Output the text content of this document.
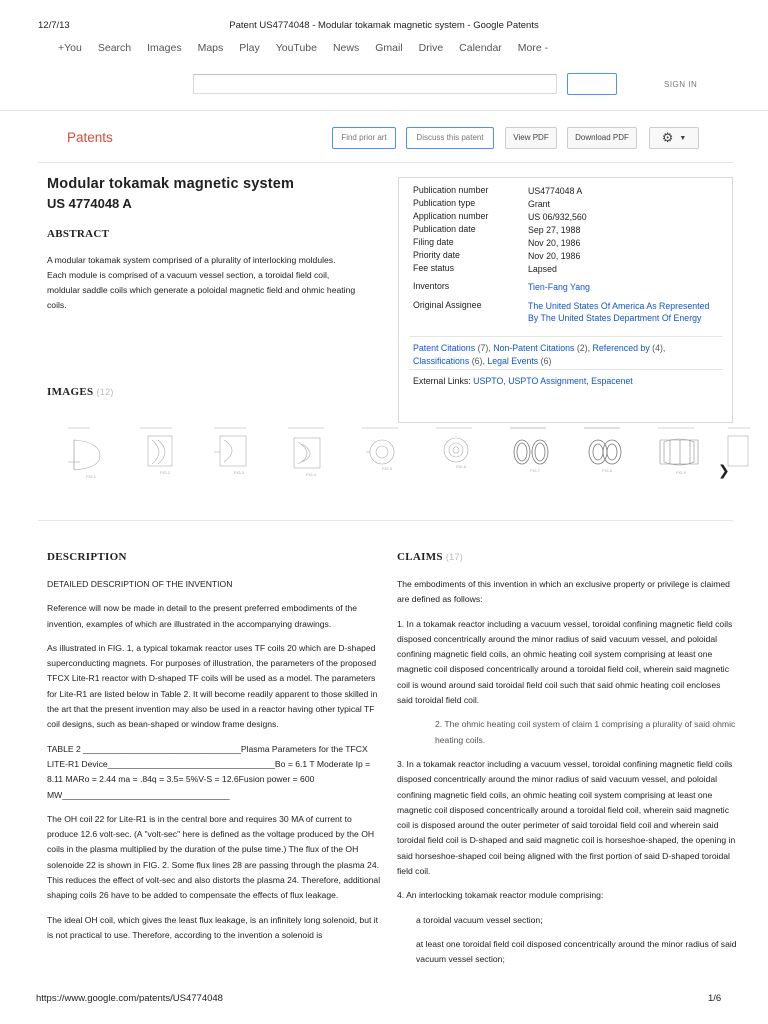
12/7/13	Patent US4774048 - Modular tokamak magnetic system - Google Patents
+You Search Images Maps Play YouTube News Gmail Drive Calendar More -
SIGN IN
Patents	Find prior art	Discuss this patent	View PDF	Download PDF	⚙ ▼
Modular tokamak magnetic system
US 4774048 A
ABSTRACT
A modular tokamak system comprised of a plurality of interlocking moldules. Each module is comprised of a vacuum vessel section, a toroidal field coil, moldular saddle coils which generate a poloidal magnetic field and ohmic heating coils.
Publication number	US4774048 A
Publication type	Grant
Application number	US 06/932,560
Publication date	Sep 27, 1988
Filing date	Nov 20, 1986
Priority date	Nov 20, 1986
Fee status	Lapsed
Inventors	Tien-Fang Yang
Original Assignee	The United States Of America As Represented By The United States Department Of Energy
Patent Citations (7), Non-Patent Citations (2), Referenced by (4),
Classifications (6), Legal Events (6)
External Links: USPTO, USPTO Assignment, Espacenet
IMAGES (12)
FIG.1
FIG.2	FIG.3	FIG.4
FIG.5	FIG.6
FIG.7	FIG.8	FIG.9 ❯
DESCRIPTION

DETAILED DESCRIPTION OF THE INVENTION

Reference will now be made in detail to the present preferred embodiments of the invention, examples of which are illustrated in the accompanying drawings.

As illustrated in FIG. 1, a typical tokamak reactor uses TF coils 20 which are D-shaped superconducting magnets. For purposes of illustration, the parameters of the proposed TFCX Lite-R1 reactor with D-shaped TF coils will be used as a model. The parameters for Lite-R1 are listed below in Table 2. It will become readily apparent to those skilled in the art that the present invention may also be used in a reactor having other typical TF coil designs, such as bean-shaped or window frame designs.

TABLE 2 _________________________________Plasma Parameters for the TFCX LITE-R1 Device___________________________________Bo = 6.1 T Moderate Ip = 8.11 MARo = 2.44 ma = .84q = 3.5= 5%V-S = 12.6Fusion power = 600 MW___________________________________

The OH coil 22 for Lite-R1 is in the central bore and requires 30 MA of current to produce 12.6 volt-sec. (A "volt-sec" here is defined as the voltage produced by the OH coils in the plasma multiplied by the duration of the pulse time.) The flux of the OH solenoide 22 is shown in FIG. 2. Some flux lines 28 are passing through the plasma 24. This reduces the effect of volt-sec and also distorts the plasma 24. Therefore, additional shaping coils 26 have to be added to compensate the effects of flux leakage.

The ideal OH coil, which gives the least flux leakage, is an infinitely long solenoid, but it is not practical to use. Therefore, according to the invention a solenoid is

CLAIMS (17)

The embodiments of this invention in which an exclusive property or privilege is claimed are defined as follows:

1. In a tokamak reactor including a vacuum vessel, toroidal confining magnetic field coils disposed concentrically around the minor radius of said vacuum vessel, and poloidal confining magnetic field coils, an ohmic heating coil system comprising at least one magnetic coil disposed concentrically around a toroidal field coil, wherein said magnetic coil is wound around said toroidal field coil such that said ohmic heating coil encloses said toroidal field coil.

2. The ohmic heating coil system of claim 1 comprising a plurality of said ohmic heating coils.

3. In a tokamak reactor including a vacuum vessel, toroidal confining magnetic field coils disposed concentrically around the minor radius of said vacuum vessel, and poloidal confining magnetic field coils, an ohmic heating coil system comprising at least one magnetic coil disposed concentrically around a toroidal field coil, wherein said magnetic coil is disposed around the outer perimeter of said toroidal field coil and wherein said toroidal field coil is D-shaped and said magnetic coil is horseshoe-shaped, the opening in said horseshoe-shaped coil being aligned with the first portion of said D-shaped toroidal field coil.

4. An interlocking tokamak reactor module comprising:

a toroidal vacuum vessel section;

at least one toroidal field coil disposed concentrically around the minor radius of said vacuum vessel section;

https://www.google.com/patents/US4774048	1/6
